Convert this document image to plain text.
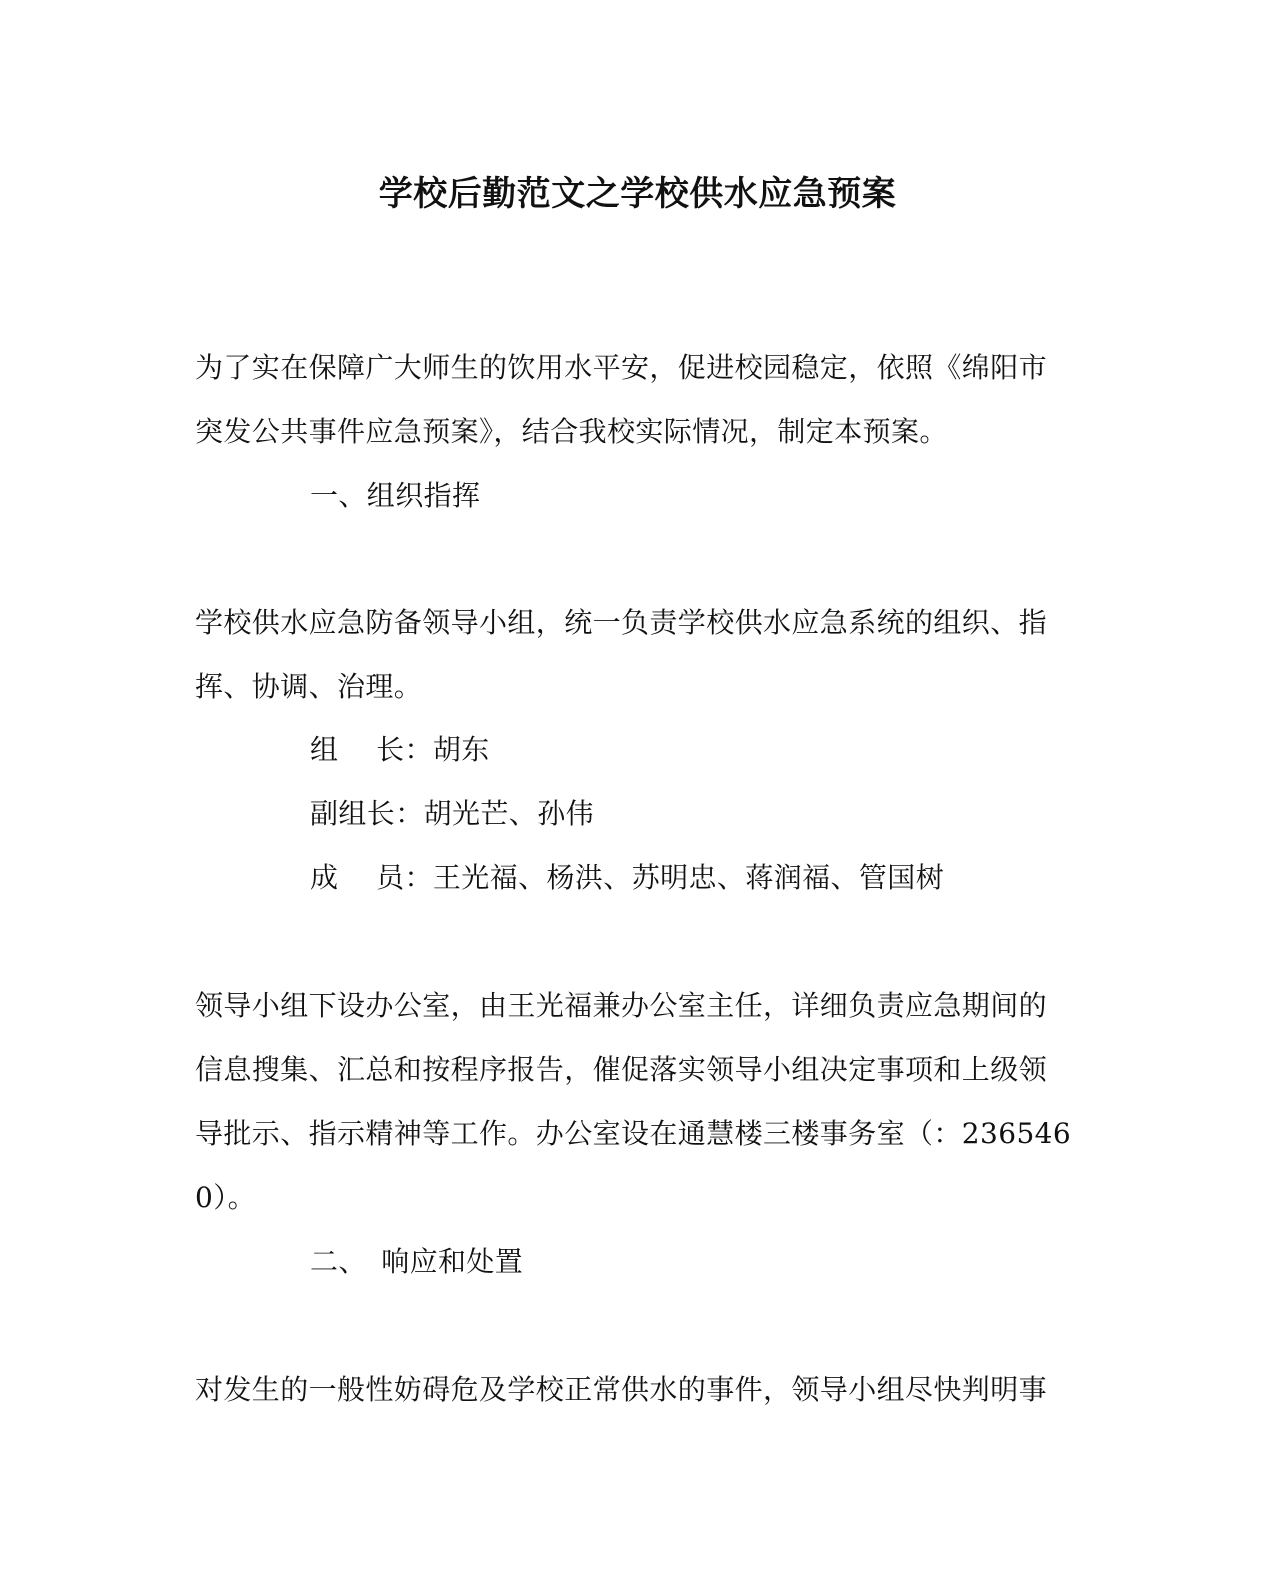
学校后勤范文之学校供水应急预案
为了实在保障广大师生的饮用水平安，促进校园稳定，依照《绵阳市
突发公共事件应急预案》，结合我校实际情况，制定本预案。
一、组织指挥
学校供水应急防备领导小组，统一负责学校供水应急系统的组织、指
挥、协调、治理。
组　 长：胡东
副组长：胡光芒、孙伟
成　 员：王光福、杨洪、苏明忠、蒋润福、管国树
领导小组下设办公室，由王光福兼办公室主任，详细负责应急期间的
信息搜集、汇总和按程序报告，催促落实领导小组决定事项和上级领
导批示、指示精神等工作。办公室设在通慧楼三楼事务室（：236546
0）。
二、　响应和处置
对发生的一般性妨碍危及学校正常供水的事件，领导小组尽快判明事
